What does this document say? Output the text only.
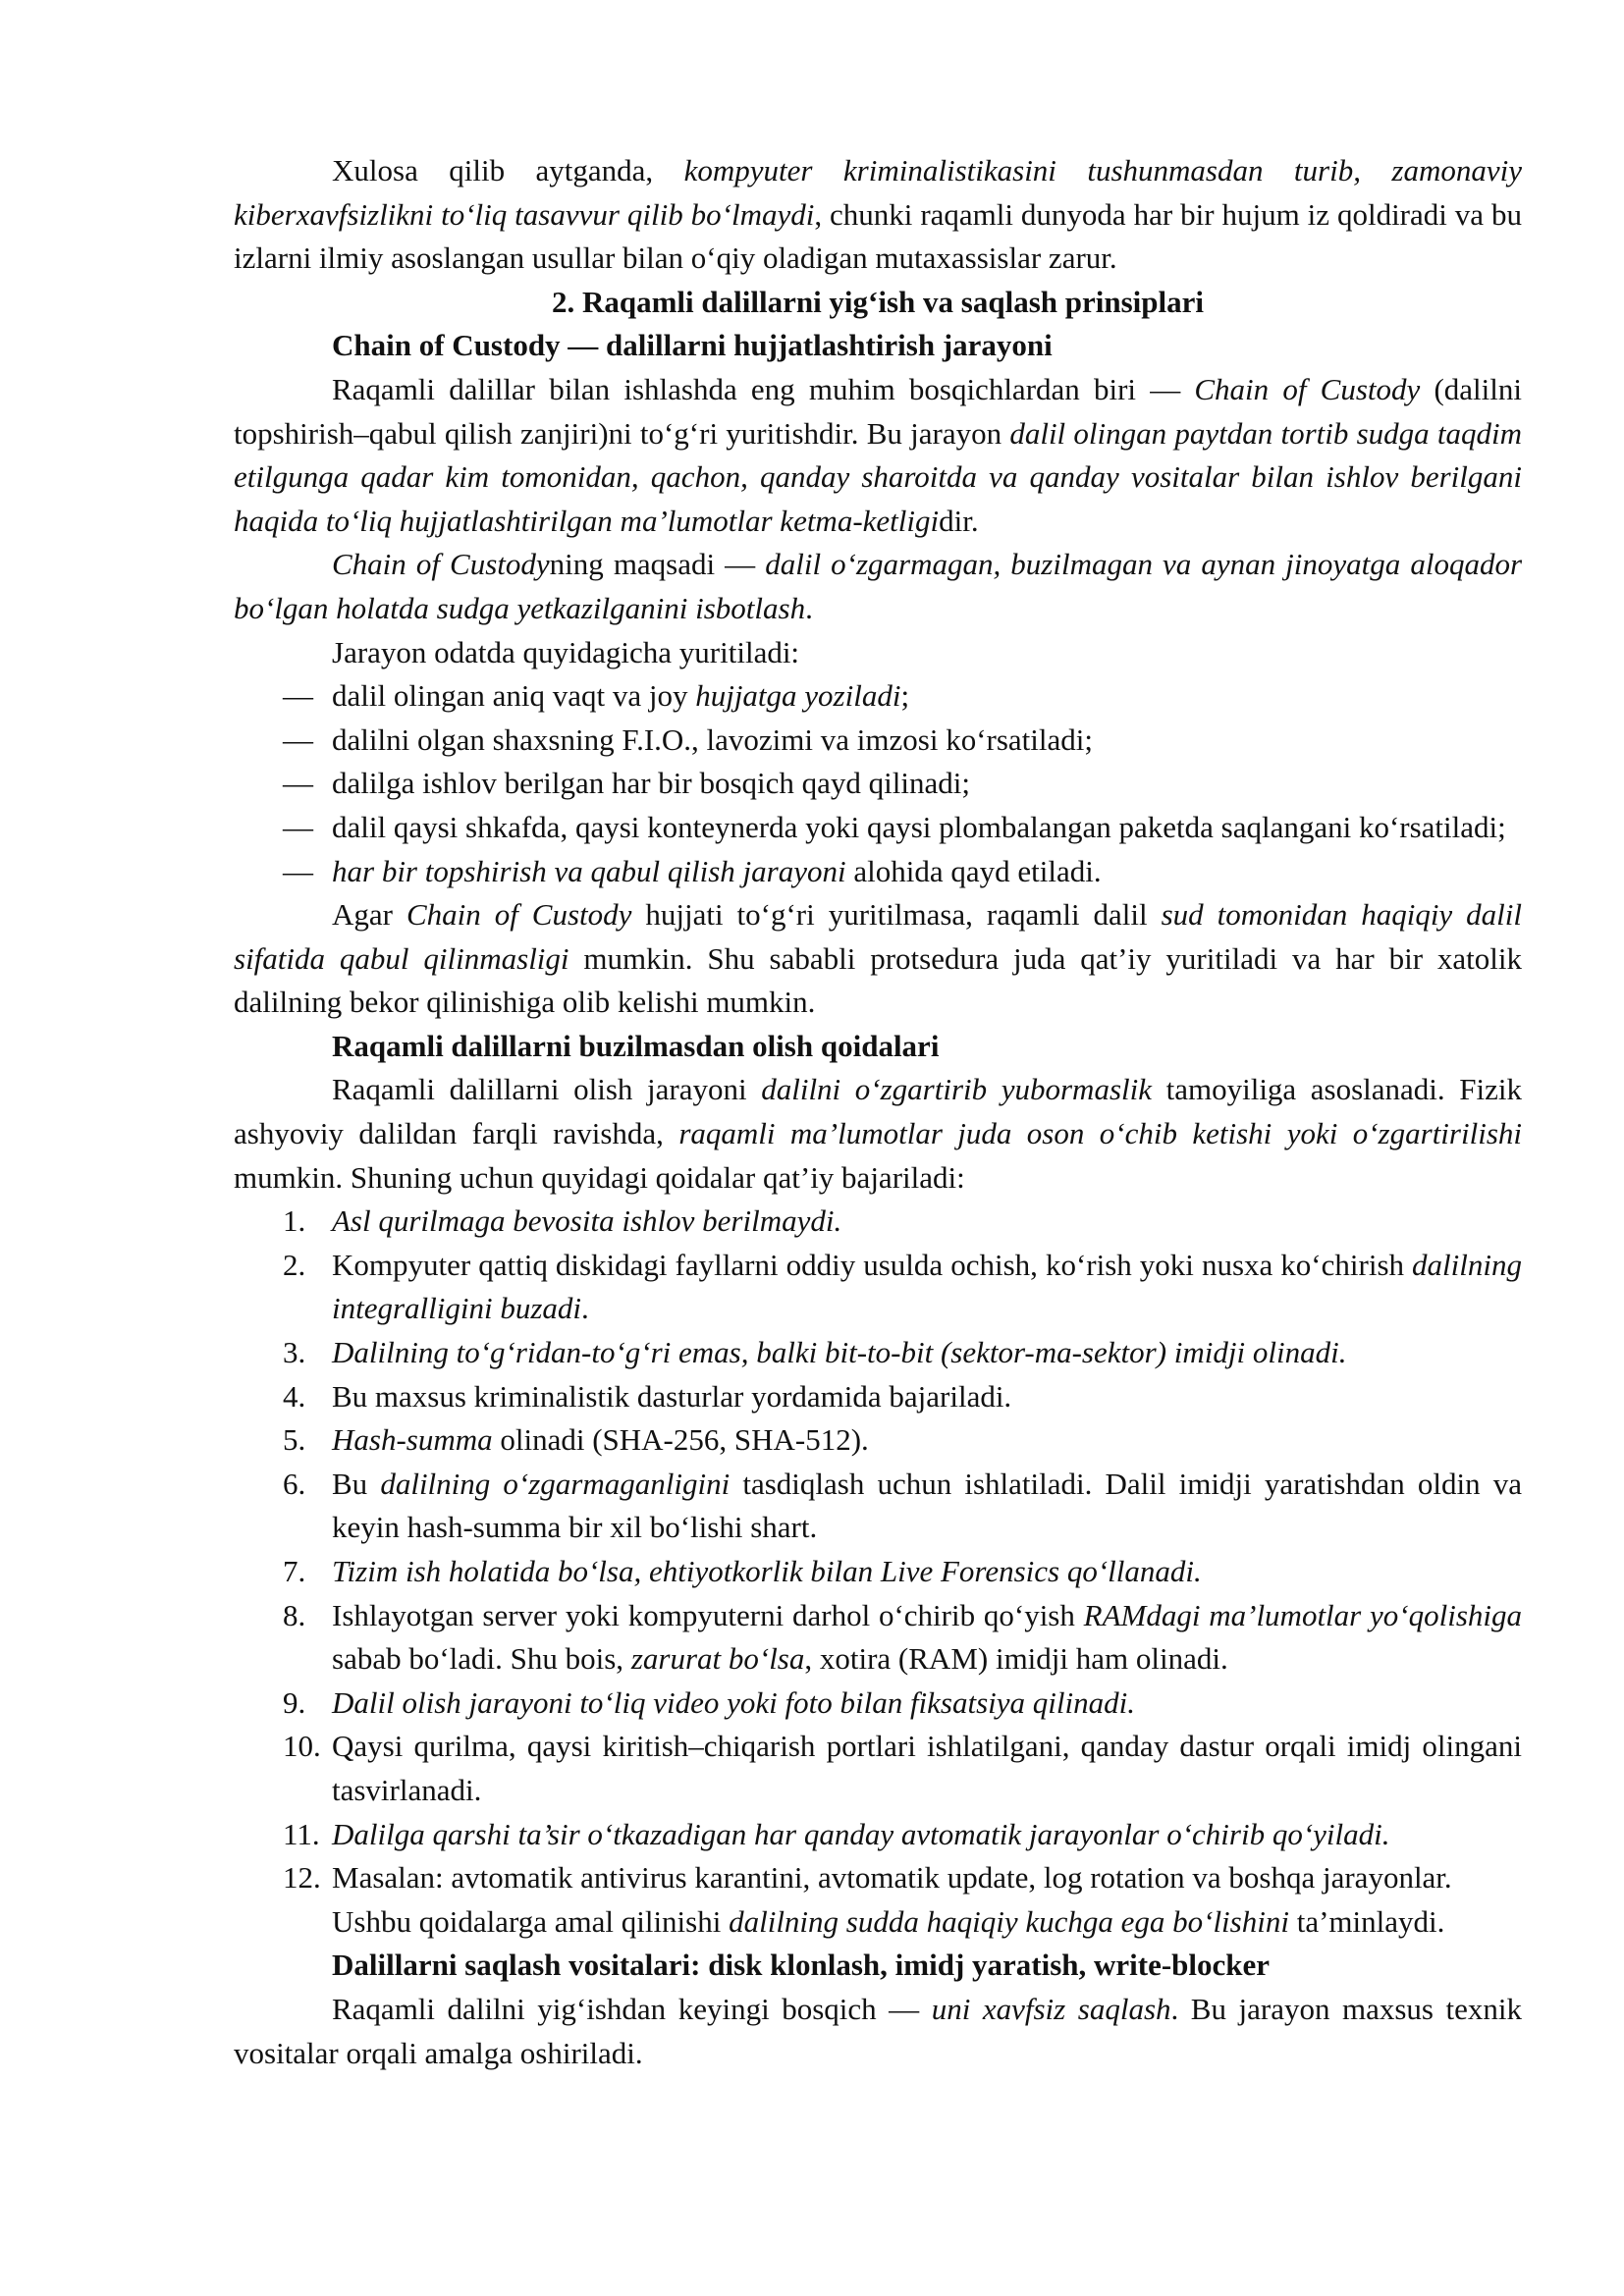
Xulosa qilib aytganda, kompyuter kriminalistikasini tushunmasdan turib, zamonaviy kiberxavfsizlikni to‘liq tasavvur qilib bo‘lmaydi, chunki raqamli dunyoda har bir hujum iz qoldiradi va bu izlarni ilmiy asoslangan usullar bilan o‘qiy oladigan mutaxassislar zarur.

2. Raqamli dalillarni yig‘ish va saqlash prinsiplari

Chain of Custody — dalillarni hujjatlashtirish jarayoni

Raqamli dalillar bilan ishlashda eng muhim bosqichlardan biri — Chain of Custody (dalilni topshirish–qabul qilish zanjiri)ni to‘g‘ri yuritishdir. Bu jarayon dalil olingan paytdan tortib sudga taqdim etilgunga qadar kim tomonidan, qachon, qanday sharoitda va qanday vositalar bilan ishlov berilgani haqida to‘liq hujjatlashtirilgan ma’lumotlar ketma-ketligidir.

Chain of Custodyning maqsadi — dalil o‘zgarmagan, buzilmagan va aynan jinoyatga aloqador bo‘lgan holatda sudga yetkazilganini isbotlash.

Jarayon odatda quyidagicha yuritiladi:

— dalil olingan aniq vaqt va joy hujjatga yoziladi;

— dalilni olgan shaxsning F.I.O., lavozimi va imzosi ko‘rsatiladi;

— dalilga ishlov berilgan har bir bosqich qayd qilinadi;

— dalil qaysi shkafda, qaysi konteynerda yoki qaysi plombalangan paketda saqlangani ko‘rsatiladi;

— har bir topshirish va qabul qilish jarayoni alohida qayd etiladi.

Agar Chain of Custody hujjati to‘g‘ri yuritilmasa, raqamli dalil sud tomonidan haqiqiy dalil sifatida qabul qilinmasligi mumkin. Shu sababli protsedura juda qat’iy yuritiladi va har bir xatolik dalilning bekor qilinishiga olib kelishi mumkin.

Raqamli dalillarni buzilmasdan olish qoidalari

Raqamli dalillarni olish jarayoni dalilni o‘zgartirib yubormaslik tamoyiliga asoslanadi. Fizik ashyoviy dalildan farqli ravishda, raqamli ma’lumotlar juda oson o‘chib ketishi yoki o‘zgartirilishi mumkin. Shuning uchun quyidagi qoidalar qat’iy bajariladi:

1. Asl qurilmaga bevosita ishlov berilmaydi.

2. Kompyuter qattiq diskidagi fayllarni oddiy usulda ochish, ko‘rish yoki nusxa ko‘chirish dalilning integralligini buzadi.

3. Dalilning to‘g‘ridan-to‘g‘ri emas, balki bit-to-bit (sektor-ma-sektor) imidji olinadi.

4. Bu maxsus kriminalistik dasturlar yordamida bajariladi.

5. Hash-summa olinadi (SHA-256, SHA-512).

6. Bu dalilning o‘zgarmaganligini tasdiqlash uchun ishlatiladi. Dalil imidji yaratishdan oldin va keyin hash-summa bir xil bo‘lishi shart.

7. Tizim ish holatida bo‘lsa, ehtiyotkorlik bilan Live Forensics qo‘llanadi.

8. Ishlayotgan server yoki kompyuterni darhol o‘chirib qo‘yish RAMdagi ma’lumotlar yo‘qolishiga sabab bo‘ladi. Shu bois, zarurat bo‘lsa, xotira (RAM) imidji ham olinadi.

9. Dalil olish jarayoni to‘liq video yoki foto bilan fiksatsiya qilinadi.

10. Qaysi qurilma, qaysi kiritish–chiqarish portlari ishlatilgani, qanday dastur orqali imidj olingani tasvirlanadi.

11. Dalilga qarshi ta’sir o‘tkazadigan har qanday avtomatik jarayonlar o‘chirib qo‘yiladi.

12. Masalan: avtomatik antivirus karantini, avtomatik update, log rotation va boshqa jarayonlar.

Ushbu qoidalarga amal qilinishi dalilning sudda haqiqiy kuchga ega bo‘lishini ta’minlaydi.

Dalillarni saqlash vositalari: disk klonlash, imidj yaratish, write-blocker

Raqamli dalilni yig‘ishdan keyingi bosqich — uni xavfsiz saqlash. Bu jarayon maxsus texnik vositalar orqali amalga oshiriladi.
